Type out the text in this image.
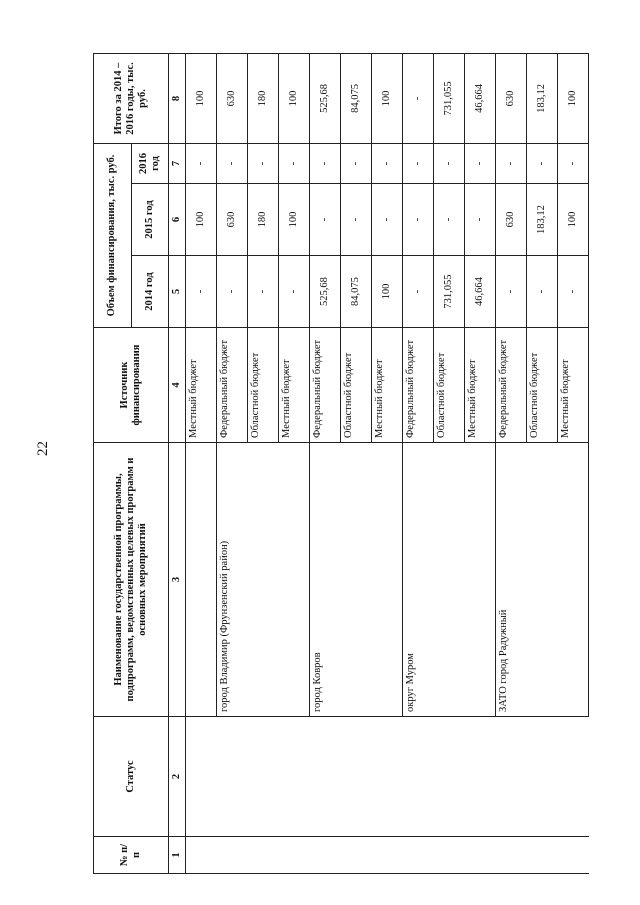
22
№ п/п	Статус	Наименование государственной программы, подпрограмм, ведомственных целевых программ и основных мероприятий	Источник финансирования	Объем финансирования, тыс. руб.			Итого за 2014 – 2016 годы, тыс. руб.
				2014 год	2015 год	2016 год	
1	2	3	4	5	6	7	8
			Местный бюджет	-	100	-	100
		город Владимир (Фрунзенский район)	Федеральный бюджет	-	630	-	630
			Областной бюджет	-	180	-	180
			Местный бюджет	-	100	-	100
		город Ковров	Федеральный бюджет	525,68	-	-	525,68
			Областной бюджет	84,075	-	-	84,075
			Местный бюджет	100	-	-	100
		округ Муром	Федеральный бюджет	-	-	-	-
			Областной бюджет	731,055	-	-	731,055
			Местный бюджет	46,664	-	-	46,664
		ЗАТО город Радужный	Федеральный бюджет	-	630	-	630
			Областной бюджет	-	183,12	-	183,12
			Местный бюджет	-	100	-	100
